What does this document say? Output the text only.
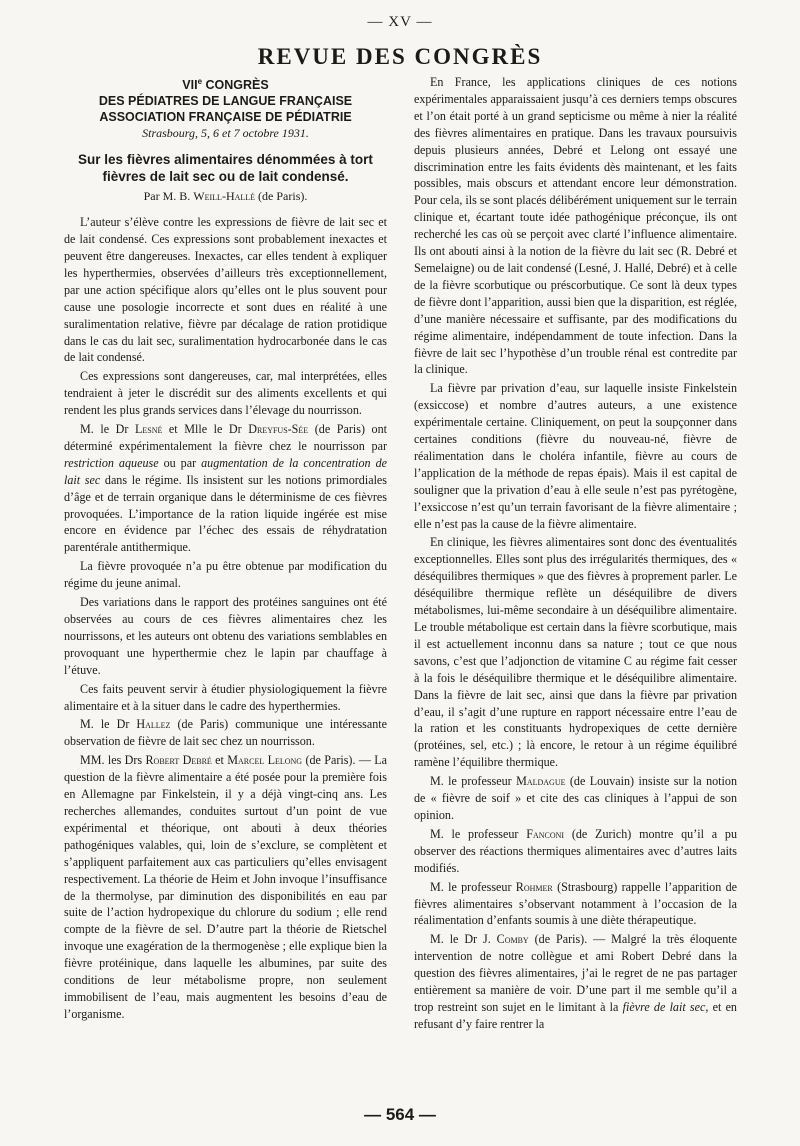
— XV —
REVUE DES CONGRÈS
VIIe CONGRÈS
DES PÉDIATRES DE LANGUE FRANÇAISE
ASSOCIATION FRANÇAISE DE PÉDIATRIE
Strasbourg, 5, 6 et 7 octobre 1931.
Sur les fièvres alimentaires dénommées à tort fièvres de lait sec ou de lait condensé.
Par M. B. Weill-Hallé (de Paris).

L’auteur s’élève contre les expressions de fièvre de lait sec et de lait condensé. Ces expressions sont probablement inexactes et peuvent être dangereuses. Inexactes, car elles tendent à expliquer les hyperthermies, observées d’ailleurs très exceptionnellement, par une action spécifique alors qu’elles ont le plus souvent pour cause une posologie incorrecte et sont dues en réalité à une suralimentation relative, fièvre par décalage de ration protidique dans le cas du lait sec, suralimentation hydrocarbonée dans le cas de lait condensé.

Ces expressions sont dangereuses, car, mal interprétées, elles tendraient à jeter le discrédit sur des aliments excellents et qui rendent les plus grands services dans l’élevage du nourrisson.

M. le Dr Lesné et Mlle le Dr Dreyfus-Sée (de Paris) ont déterminé expérimentalement la fièvre chez le nourrisson par restriction aqueuse ou par augmentation de la concentration de lait sec dans le régime. Ils insistent sur les notions primordiales d’âge et de terrain organique dans le déterminisme de ces fièvres provoquées. L’importance de la ration liquide ingérée est mise encore en évidence par l’échec des essais de réhydratation parentérale antithermique.

La fièvre provoquée n’a pu être obtenue par modification du régime du jeune animal.

Des variations dans le rapport des protéines sanguines ont été observées au cours de ces fièvres alimentaires chez les nourrissons, et les auteurs ont obtenu des variations semblables en provoquant une hyperthermie chez le lapin par chauffage à l’étuve.

Ces faits peuvent servir à étudier physiologiquement la fièvre alimentaire et à la situer dans le cadre des hyperthermies.

M. le Dr Hallez (de Paris) communique une intéressante observation de fièvre de lait sec chez un nourrisson.

MM. les Drs Robert Debré et Marcel Lelong (de Paris). — La question de la fièvre alimentaire a été posée pour la première fois en Allemagne par Finkelstein, il y a déjà vingt-cinq ans. Les recherches allemandes, conduites surtout d’un point de vue expérimental et théorique, ont abouti à deux théories pathogéniques valables, qui, loin de s’exclure, se complètent et s’appliquent parfaitement aux cas particuliers qu’elles envisagent respectivement. La théorie de Heim et John invoque l’insuffisance de la thermolyse, par diminution des disponibilités en eau par suite de l’action hydropexique du chlorure du sodium ; elle rend compte de la fièvre de sel. D’autre part la théorie de Rietschel invoque une exagération de la thermogenèse ; elle explique bien la fièvre protéinique, dans laquelle les albumines, par suite des conditions de leur métabolisme propre, non seulement immobilisent de l’eau, mais augmentent les besoins d’eau de l’organisme.

En France, les applications cliniques de ces notions expérimentales apparaissaient jusqu’à ces derniers temps obscures et l’on était porté à un grand septicisme ou même à nier la réalité des fièvres alimentaires en pratique. Dans les travaux poursuivis depuis plusieurs années, Debré et Lelong ont essayé une discrimination entre les faits évidents dès maintenant, et les faits possibles, mais obscurs et attendant encore leur démonstration. Pour cela, ils se sont placés délibérément uniquement sur le terrain clinique et, écartant toute idée pathogénique préconçue, ils ont recherché les cas où se perçoit avec clarté l’influence alimentaire. Ils ont abouti ainsi à la notion de la fièvre du lait sec (R. Debré et Semelaigne) ou de lait condensé (Lesné, J. Hallé, Debré) et à celle de la fièvre scorbutique ou préscorbutique. Ce sont là deux types de fièvre dont l’apparition, aussi bien que la disparition, est réglée, d’une manière nécessaire et suffisante, par des modifications du régime alimentaire, indépendamment de toute infection. Dans la fièvre de lait sec l’hypothèse d’un trouble rénal est contredite par la clinique.

La fièvre par privation d’eau, sur laquelle insiste Finkelstein (exsiccose) et nombre d’autres auteurs, a une existence expérimentale certaine. Cliniquement, on peut la soupçonner dans certaines conditions (fièvre du nouveau-né, fièvre de réalimentation dans le choléra infantile, fièvre au cours de l’application de la méthode de repas épais). Mais il est capital de souligner que la privation d’eau à elle seule n’est pas pyrétogène, l’exsiccose n’est qu’un terrain favorisant de la fièvre alimentaire ; elle n’est pas la cause de la fièvre alimentaire.

En clinique, les fièvres alimentaires sont donc des éventualités exceptionnelles. Elles sont plus des irrégularités thermiques, des « déséquilibres thermiques » que des fièvres à proprement parler. Le déséquilibre thermique reflète un déséquilibre de divers métabolismes, lui-même secondaire à un déséquilibre alimentaire. Le trouble métabolique est certain dans la fièvre scorbutique, mais il est actuellement inconnu dans sa nature ; tout ce que nous savons, c’est que l’adjonction de vitamine C au régime fait cesser à la fois le déséquilibre thermique et le déséquilibre alimentaire. Dans la fièvre de lait sec, ainsi que dans la fièvre par privation d’eau, il s’agit d’une rupture en rapport nécessaire entre l’eau de la ration et les constituants hydropexiques de cette dernière (protéines, sel, etc.) ; là encore, le retour à un régime équilibré ramène l’équilibre thermique.

M. le professeur Maldague (de Louvain) insiste sur la notion de « fièvre de soif » et cite des cas cliniques à l’appui de son opinion.

M. le professeur Fanconi (de Zurich) montre qu’il a pu observer des réactions thermiques alimentaires avec d’autres laits modifiés.

M. le professeur Rohmer (Strasbourg) rappelle l’apparition de fièvres alimentaires s’observant notamment à l’occasion de la réalimentation d’enfants soumis à une diète thérapeutique.

M. le Dr J. Comby (de Paris). — Malgré la très éloquente intervention de notre collègue et ami Robert Debré dans la question des fièvres alimentaires, j’ai le regret de ne pas partager entièrement sa manière de voir. D’une part il me semble qu’il a trop restreint son sujet en le limitant à la fièvre de lait sec, et en refusant d’y faire rentrer la

— 564 —
